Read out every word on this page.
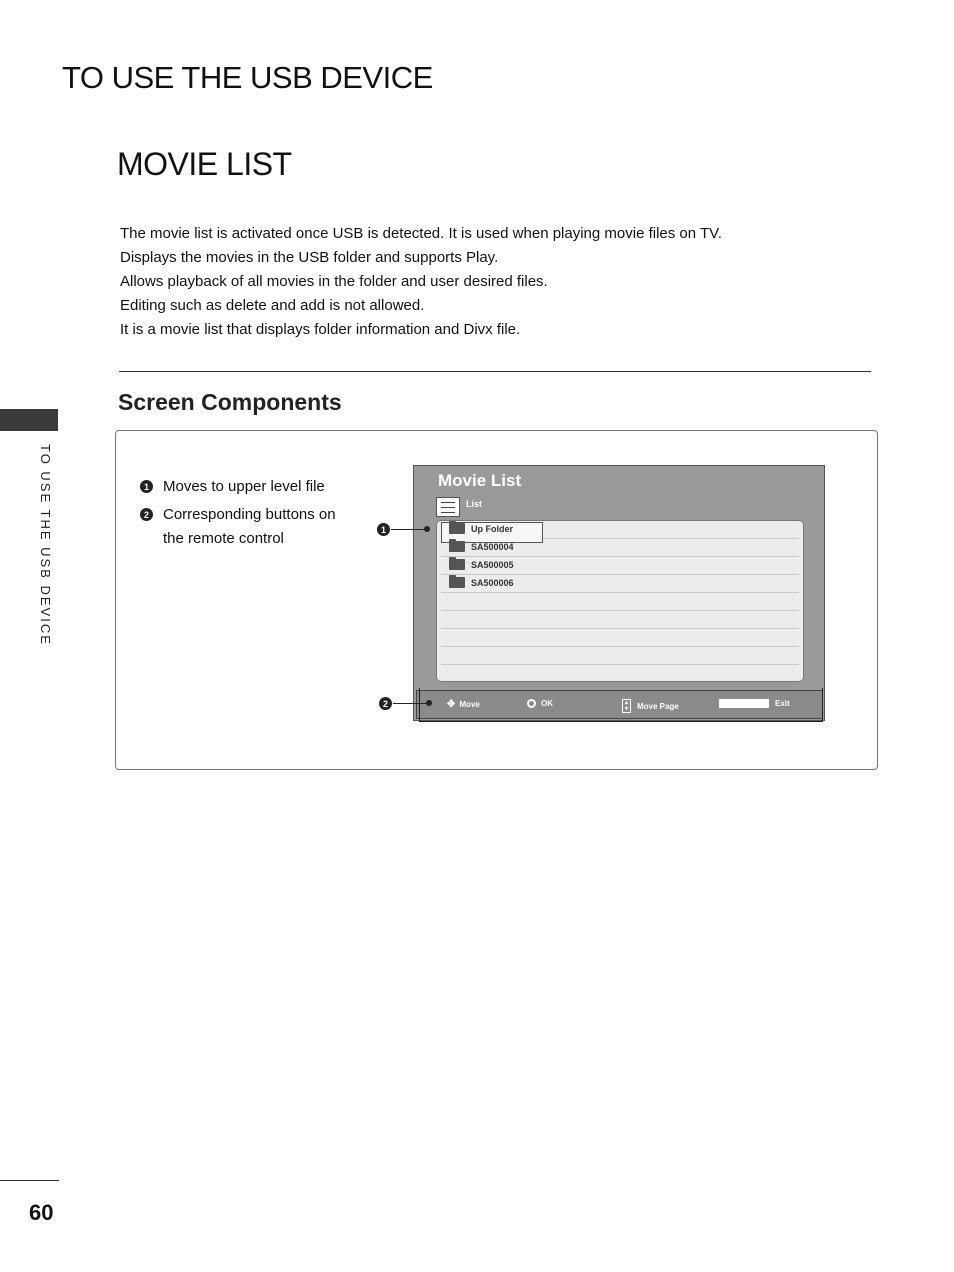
TO USE THE USB DEVICE
MOVIE LIST

The movie list is activated once USB is detected. It is used when playing movie files on TV.

Displays the movies in the USB folder and supports Play.

Allows playback of all movies in the folder and user desired files.

Editing such as delete and add is not allowed.

It is a movie list that displays folder information and Divx file.

Screen Components
TO USE THE USB DEVICE	1 Moves to upper level file
2 Corresponding buttons on the remote control
Movie List
List
Up Folder
SA500004
SA500005
SA500006
✥ Move	OK	▴
▾	Move Page	Exit
1
2
60
